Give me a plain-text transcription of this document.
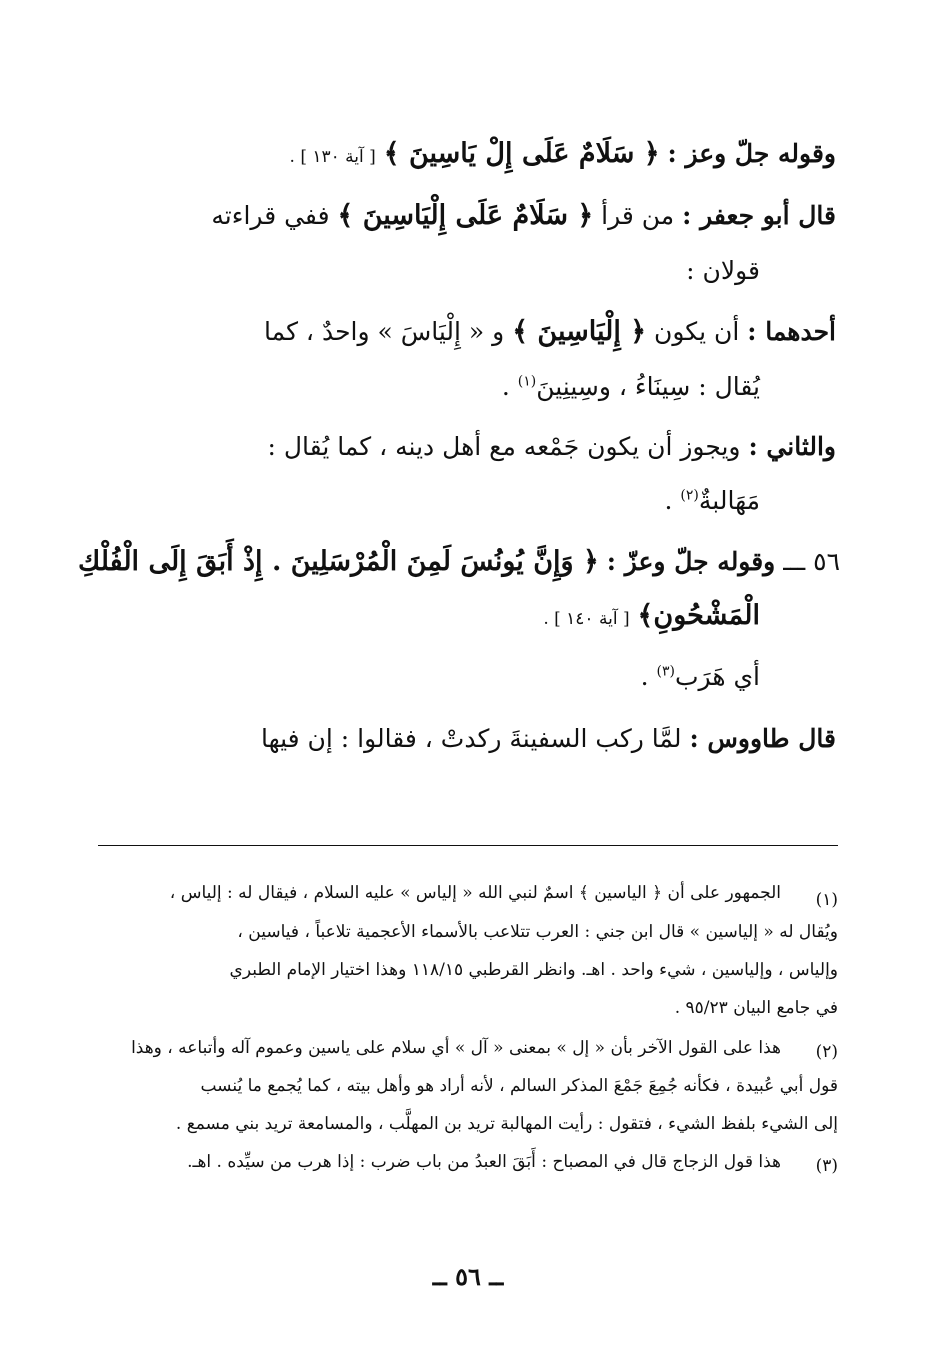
وقوله جلّ وعز : ﴿ سَلَامٌ عَلَى إِلْ يَاسِينَ ﴾ [ آية ١٣٠ ] .
قال أبو جعفر : من قرأ ﴿ سَلَامٌ عَلَى إِلْيَاسِينَ ﴾ ففي قراءته
قولان :
أحدهما : أن يكون ﴿ إِلْيَاسِينَ ﴾ و « إِلْيَاسَ » واحدٌ ، كما
يُقال : سِينَاءُ ، وسِينِينَ$^{(١)}$ .
والثاني : ويجوز أن يكون جَمْعه مع أهل دينه ، كما يُقال :
مَهَالبةٌ$^{(٢)}$ .
٥٦ ـــ وقوله جلّ وعزّ : ﴿ وَإِنَّ يُونُسَ لَمِنَ الْمُرْسَلِينَ . إِذْ أَبَقَ إِلَى الْفُلْكِ
الْمَشْحُونِ﴾ [ آية ١٤٠ ] .
أي هَرَب$^{(٣)}$ .
قال طاووس : لمَّا ركب السفينةَ ركدتْ ، فقالوا : إن فيها
(١)
الجمهور على أن ﴿ الياسين ﴾ اسمٌ لنبي الله « إلياس » عليه السلام ، فيقال له : إلياس ،
ويُقال له « إلياسين » قال ابن جني : العرب تتلاعب بالأسماء الأعجمية تلاعباً ، فياسين ،
وإلياس ، وإلياسين ، شيء واحد . اهـ. وانظر القرطبي ١١٨/١٥ وهذا اختيار الإمام الطبري
في جامع البيان ٩٥/٢٣ .
(٢)
هذا على القول الآخر بأن « إل » بمعنى « آل » أي سلام على ياسين وعموم آله وأتباعه ، وهذا
قول أبي عُبيدة ، فكأنه جُمِعَ جَمْعَ المذكر السالم ، لأنه أراد هو وأهل بيته ، كما يُجمع ما يُنسب
إلى الشيء بلفظ الشيء ، فتقول : رأيت المهالبة تريد بن المهلَّب ، والمسامعة تريد بني مسمع .
(٣)
هذا قول الزجاج قال في المصباح : أَبَقَ العبدُ من باب ضرب : إذا هرب من سيِّده . اهـ.
ــ ٥٦ ــ
